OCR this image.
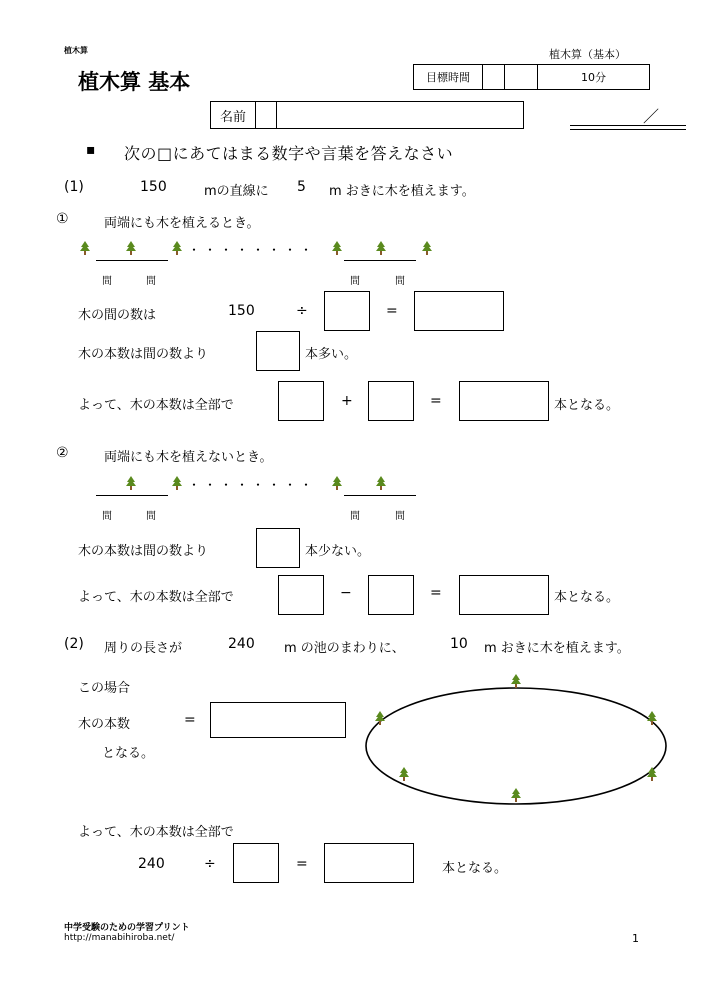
植木算
植木算 基本
植木算（基本）
目標時間			10分
名前			／
▪ 次の□にあてはまる数字や言葉を答えなさい
(1)	150	mの直線に 5 m おきに木を植えます。
①	両端にも木を植えるとき。
・・・・・・・・
間	間	間	間
木の間の数は	150	÷	=
木の本数は間の数より	本多い。
よって、木の本数は全部で	+	=	本となる。
②	両端にも木を植えないとき。
・・・・・・・・
間	間	間	間
木の本数は間の数より	本少ない。
よって、木の本数は全部で	−	=	本となる。
(2) 周りの長さが	240 m の池のまわりに、	10 m おきに木を植えます。
この場合
木の本数	=
となる。
よって、木の本数は全部で
240	÷	=	本となる。
中学受験のための学習プリント
http://manabihiroba.net/	1
